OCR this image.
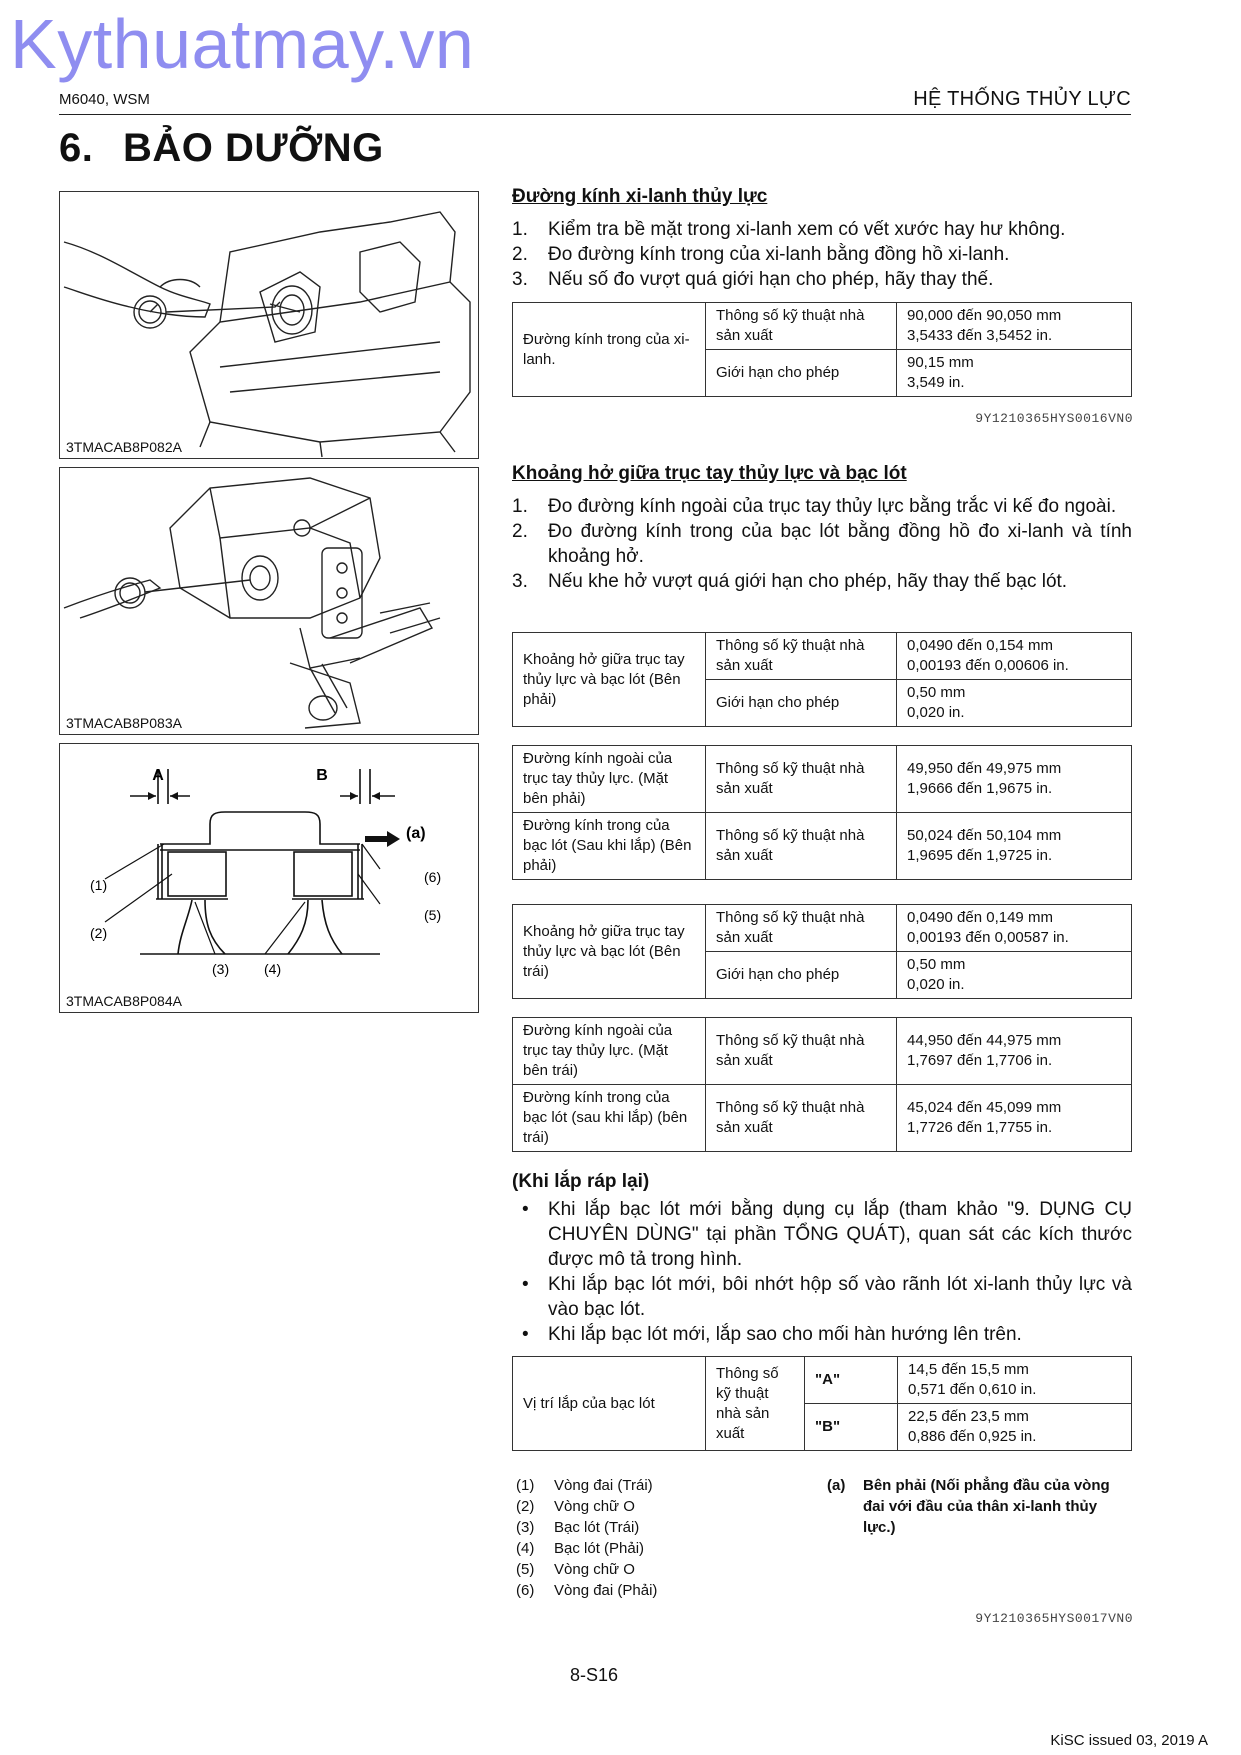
Kythuatmay.vn
M6040, WSM	HỆ THỐNG THỦY LỰC
6. BẢO DƯỠNG
3TMACAB8P082A
3TMACAB8P083A
A	B
(a)
(1)
(2)
(3) (4)
(5)
(6)
3TMACAB8P084A
Đường kính xi-lanh thủy lực
1. Kiểm tra bề mặt trong xi-lanh xem có vết xước hay hư không.
2. Đo đường kính trong của xi-lanh bằng đồng hồ xi-lanh.
3. Nếu số đo vượt quá giới hạn cho phép, hãy thay thế.
Đường kính trong của xi-lanh.	Thông số kỹ thuật nhà sản xuất	90,000 đến 90,050 mm
3,5433 đến 3,5452 in.

	Giới hạn cho phép	90,15 mm
3,549 in.
9Y1210365HYS0016VN0
Khoảng hở giữa trục tay thủy lực và bạc lót
1. Đo đường kính ngoài của trục tay thủy lực bằng trắc vi kế đo ngoài.
2. Đo đường kính trong của bạc lót bằng đồng hồ đo xi-lanh và tính khoảng hở.
3. Nếu khe hở vượt quá giới hạn cho phép, hãy thay thế bạc lót.
Khoảng hở giữa trục tay thủy lực và bạc lót (Bên phải)	Thông số kỹ thuật nhà sản xuất	0,0490 đến 0,154 mm
0,00193 đến 0,00606 in.

	Giới hạn cho phép	0,50 mm
0,020 in.
Đường kính ngoài của trục tay thủy lực. (Mặt bên phải)	Thông số kỹ thuật nhà sản xuất	49,950 đến 49,975 mm
1,9666 đến 1,9675 in.

Đường kính trong của bạc lót (Sau khi lắp) (Bên phải)	Thông số kỹ thuật nhà sản xuất	50,024 đến 50,104 mm
1,9695 đến 1,9725 in.
Khoảng hở giữa trục tay thủy lực và bạc lót (Bên trái)	Thông số kỹ thuật nhà sản xuất	0,0490 đến 0,149 mm
0,00193 đến 0,00587 in.

	Giới hạn cho phép	0,50 mm
0,020 in.
Đường kính ngoài của trục tay thủy lực. (Mặt bên trái)	Thông số kỹ thuật nhà sản xuất	44,950 đến 44,975 mm
1,7697 đến 1,7706 in.

Đường kính trong của bạc lót (sau khi lắp) (bên trái)	Thông số kỹ thuật nhà sản xuất	45,024 đến 45,099 mm
1,7726 đến 1,7755 in.
(Khi lắp ráp lại)
• Khi lắp bạc lót mới bằng dụng cụ lắp (tham khảo "9. DỤNG CỤ CHUYÊN DÙNG" tại phần TỔNG QUÁT), quan sát các kích thước được mô tả trong hình.
• Khi lắp bạc lót mới, bôi nhớt hộp số vào rãnh lót xi-lanh thủy lực và vào bạc lót.
• Khi lắp bạc lót mới, lắp sao cho mối hàn hướng lên trên.
Vị trí lắp của bạc lót	Thông số kỹ thuật nhà sản xuất	"A"	14,5 đến 15,5 mm
0,571 đến 0,610 in.

		"B"	22,5 đến 23,5 mm
0,886 đến 0,925 in.
(1) Vòng đai (Trái)
(2) Vòng chữ O
(3) Bạc lót (Trái)
(4) Bạc lót (Phải)
(5) Vòng chữ O
(6) Vòng đai (Phải)
(a) Bên phải (Nối phẳng đầu của vòng đai với đầu của thân xi-lanh thủy lực.)
9Y1210365HYS0017VN0
8-S16
KiSC issued 03, 2019 A
